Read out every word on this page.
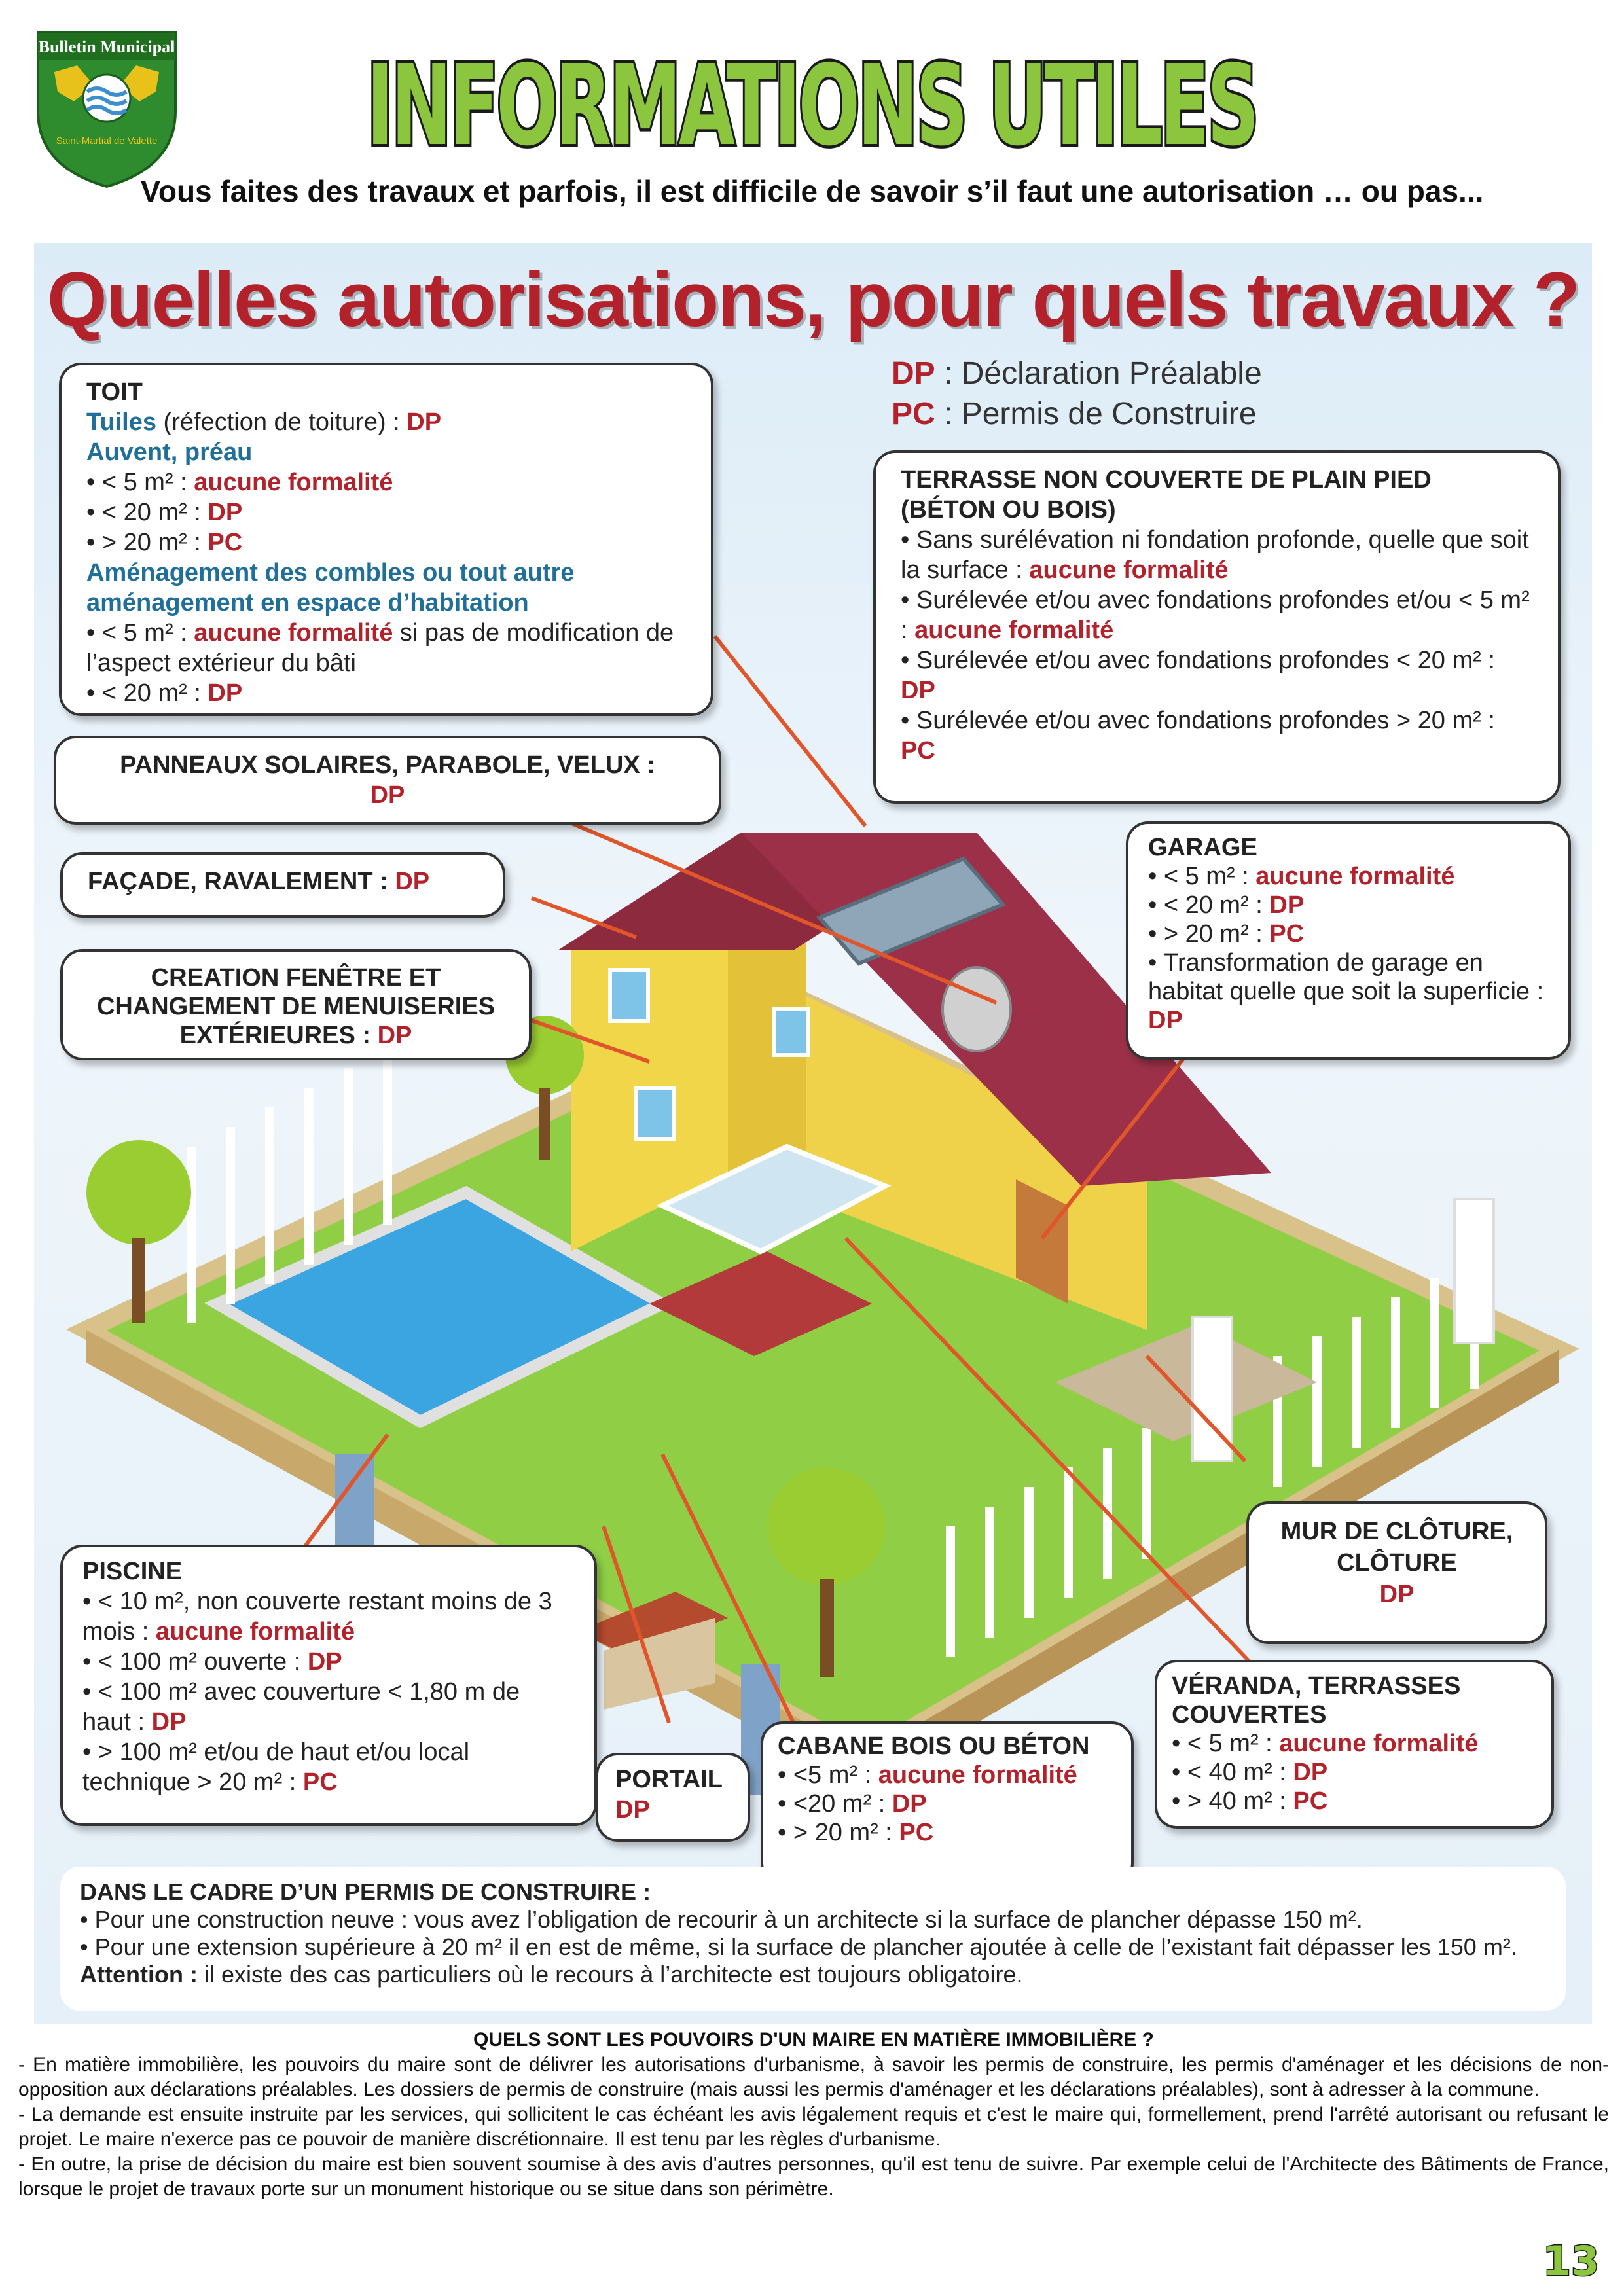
Bulletin Municipal
Saint-Martial de Valette INFORMATIONS UTILES
Vous faites des travaux et parfois, il est difficile de savoir s’il faut une autorisation … ou pas...
Quelles autorisations, pour quels travaux ?
DP : Déclaration Préalable
PC : Permis de Construire
TOIT
Tuiles (réfection de toiture) : DP
Auvent, préau
• < 5 m² : aucune formalité
• < 20 m² : DP
• > 20 m² : PC
Aménagement des combles ou tout autre aménagement en espace d’habitation
• < 5 m² : aucune formalité si pas de modification de l’aspect extérieur du bâti
• < 20 m² : DP
TERRASSE NON COUVERTE DE PLAIN PIED (BÉTON OU BOIS)
• Sans surélévation ni fondation profonde, quelle que soit la surface : aucune formalité
• Surélevée et/ou avec fondations profondes et/ou < 5 m² : aucune formalité
• Surélevée et/ou avec fondations profondes < 20 m² : DP
• Surélevée et/ou avec fondations profondes > 20 m² : PC
PANNEAUX SOLAIRES, PARABOLE, VELUX :
DP
FAÇADE, RAVALEMENT : DP
CREATION FENÊTRE ET CHANGEMENT DE MENUISERIES EXTÉRIEURES : DP
GARAGE
• < 5 m² : aucune formalité
• < 20 m² : DP
• > 20 m² : PC
• Transformation de garage en habitat quelle que soit la superficie : DP
MUR DE CLÔTURE, CLÔTURE
DP
VÉRANDA, TERRASSES COUVERTES
• < 5 m² : aucune formalité
• < 40 m² : DP
• > 40 m² : PC
PISCINE
• < 10 m², non couverte restant moins de 3 mois : aucune formalité
• < 100 m² ouverte : DP
• < 100 m² avec couverture < 1,80 m de haut : DP
• > 100 m² et/ou de haut et/ou local technique > 20 m² : PC	PORTAIL
DP
CABANE BOIS OU BÉTON
• <5 m² : aucune formalité
• <20 m² : DP
• > 20 m² : PC
DANS LE CADRE D’UN PERMIS DE CONSTRUIRE :
• Pour une construction neuve : vous avez l’obligation de recourir à un architecte si la surface de plancher dépasse 150 m².
• Pour une extension supérieure à 20 m² il en est de même, si la surface de plancher ajoutée à celle de l’existant fait dépasser les 150 m².
Attention : il existe des cas particuliers où le recours à l’architecte est toujours obligatoire.
QUELS SONT LES POUVOIRS D'UN MAIRE EN MATIÈRE IMMOBILIÈRE ?
- En matière immobilière, les pouvoirs du maire sont de délivrer les autorisations d'urbanisme, à savoir les permis de construire, les permis d'aménager et les décisions de non-opposition aux déclarations préalables. Les dossiers de permis de construire (mais aussi les permis d'aménager et les déclarations préalables), sont à adresser à la commune.
- La demande est ensuite instruite par les services, qui sollicitent le cas échéant les avis légalement requis et c'est le maire qui, formellement, prend l'arrêté autorisant ou refusant le projet. Le maire n'exerce pas ce pouvoir de manière discrétionnaire. Il est tenu par les règles d'urbanisme.
- En outre, la prise de décision du maire est bien souvent soumise à des avis d'autres personnes, qu'il est tenu de suivre. Par exemple celui de l'Architecte des Bâtiments de France, lorsque le projet de travaux porte sur un monument historique ou se situe dans son périmètre.
13
